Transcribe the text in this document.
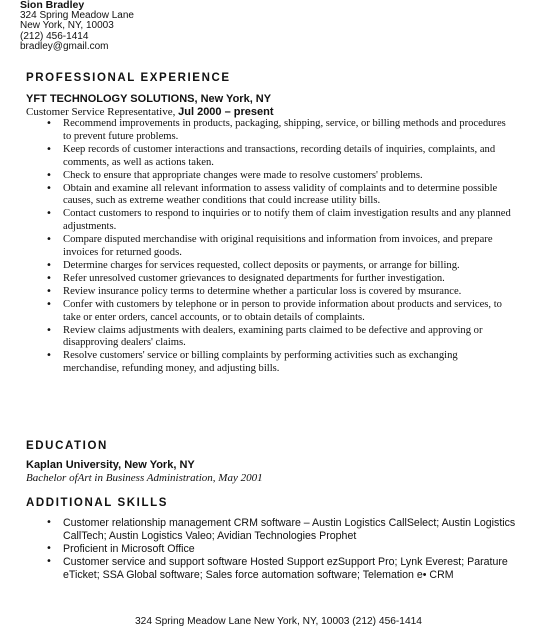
Sion Bradley
324 Spring Meadow Lane
New York, NY, 10003
(212) 456-1414
bradley@gmail.com
PROFESSIONAL EXPERIENCE
YFT TECHNOLOGY SOLUTIONS, New York, NY
Customer Service Representative, Jul 2000 – present
• Recommend improvements in products, packaging, shipping, service, or billing methods and procedures to prevent future problems.
• Keep records of customer interactions and transactions, recording details of inquiries, complaints, and comments, as well as actions taken.
• Check to ensure that appropriate changes were made to resolve customers' problems.
• Obtain and examine all relevant information to assess validity of complaints and to determine possible causes, such as extreme weather conditions that could increase utility bills.
• Contact customers to respond to inquiries or to notify them of claim investigation results and any planned adjustments.
• Compare disputed merchandise with original requisitions and information from invoices, and prepare invoices for returned goods.
• Determine charges for services requested, collect deposits or payments, or arrange for billing.
• Refer unresolved customer grievances to designated departments for further investigation.
• Review insurance policy terms to determine whether a particular loss is covered by msurance.
• Confer with customers by telephone or in person to provide information about products and services, to take or enter orders, cancel accounts, or to obtain details of complaints.
• Review claims adjustments with dealers, examining parts claimed to be defective and approving or disapproving dealers' claims.
• Resolve customers' service or billing complaints by performing activities such as exchanging merchandise, refunding money, and adjusting bills.
EDUCATION
Kaplan University, New York, NY
Bachelor ofArt in Business Administration, May 2001
ADDITIONAL SKILLS
• Customer relationship management CRM software – Austin Logistics CallSelect; Austin Logistics CallTech; Austin Logistics Valeo; Avidian Technologies Prophet
• Proficient in Microsoft Office
• Customer service and support software Hosted Support ezSupport Pro; Lynk Everest; Parature eTicket; SSA Global software; Sales force automation software; Telemation e• CRM
324 Spring Meadow Lane New York, NY, 10003 (212) 456-1414
